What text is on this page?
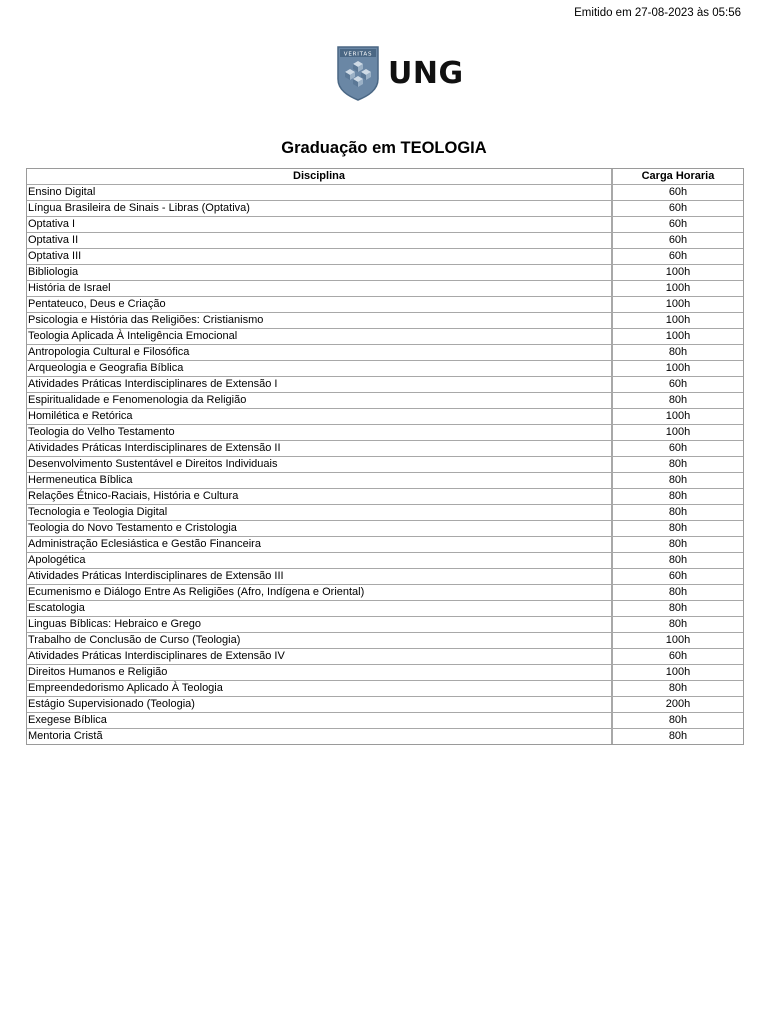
Emitido em 27-08-2023 às 05:56
VERITAS
UNG
Graduação em TEOLOGIA
Disciplina	Carga Horaria
Ensino Digital	60h
Língua Brasileira de Sinais - Libras (Optativa)	60h
Optativa I	60h
Optativa II	60h
Optativa III	60h
Bibliologia	100h
História de Israel	100h
Pentateuco, Deus e Criação	100h
Psicologia e História das Religiões: Cristianismo	100h
Teologia Aplicada À Inteligência Emocional	100h
Antropologia Cultural e Filosófica	80h
Arqueologia e Geografia Bíblica	100h
Atividades Práticas Interdisciplinares de Extensão I	60h
Espiritualidade e Fenomenologia da Religião	80h
Homilética e Retórica	100h
Teologia do Velho Testamento	100h
Atividades Práticas Interdisciplinares de Extensão II	60h
Desenvolvimento Sustentável e Direitos Individuais	80h
Hermeneutica Bíblica	80h
Relações Étnico-Raciais, História e Cultura	80h
Tecnologia e Teologia Digital	80h
Teologia do Novo Testamento e Cristologia	80h
Administração Eclesiástica e Gestão Financeira	80h
Apologética	80h
Atividades Práticas Interdisciplinares de Extensão III	60h
Ecumenismo e Diálogo Entre As Religiões (Afro, Indígena e Oriental)	80h
Escatologia	80h
Linguas Bíblicas: Hebraico e Grego	80h
Trabalho de Conclusão de Curso (Teologia)	100h
Atividades Práticas Interdisciplinares de Extensão IV	60h
Direitos Humanos e Religião	100h
Empreendedorismo Aplicado À Teologia	80h
Estágio Supervisionado (Teologia)	200h
Exegese Bíblica	80h
Mentoria Cristã	80h
